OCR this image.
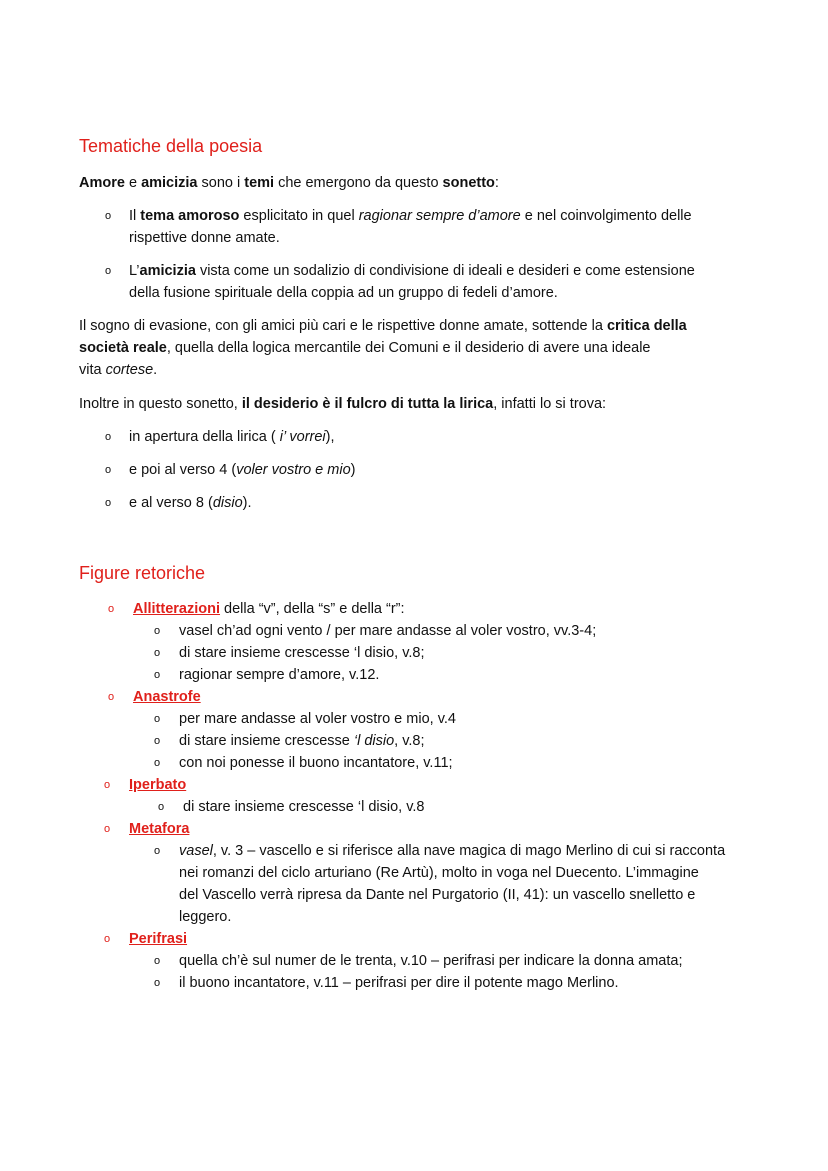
Tematiche della poesia

Amore e amicizia sono i temi che emergono da questo sonetto:

o Il tema amoroso esplicitato in quel ragionar sempre d’amore e nel coinvolgimento delle
rispettive donne amate.
o L’amicizia vista come un sodalizio di condivisione di ideali e desideri e come estensione
della fusione spirituale della coppia ad un gruppo di fedeli d’amore.

Il sogno di evasione, con gli amici più cari e le rispettive donne amate, sottende la critica della
società reale, quella della logica mercantile dei Comuni e il desiderio di avere una ideale
vita cortese.

Inoltre in questo sonetto, il desiderio è il fulcro di tutta la lirica, infatti lo si trova:

o in apertura della lirica ( i’ vorrei),
o e poi al verso 4 (voler vostro e mio)
o e al verso 8 (disio).
Figure retoriche
o Allitterazioni della “v”, della “s” e della “r”:
o vasel ch’ad ogni vento / per mare andasse al voler vostro, vv.3-4;
o di stare insieme crescesse ‘l disio, v.8;
o ragionar sempre d’amore, v.12.
o Anastrofe
o per mare andasse al voler vostro e mio, v.4
o di stare insieme crescesse ‘l disio, v.8;
o con noi ponesse il buono incantatore, v.11;
o Iperbato
o di stare insieme crescesse ‘l disio, v.8
o Metafora
o vasel, v. 3 – vascello e si riferisce alla nave magica di mago Merlino di cui si racconta
nei romanzi del ciclo arturiano (Re Artù), molto in voga nel Duecento. L’immagine
del Vascello verrà ripresa da Dante nel Purgatorio (II, 41): un vascello snelletto e
leggero.
o Perifrasi
o quella ch’è sul numer de le trenta, v.10 – perifrasi per indicare la donna amata;
o il buono incantatore, v.11 – perifrasi per dire il potente mago Merlino.
